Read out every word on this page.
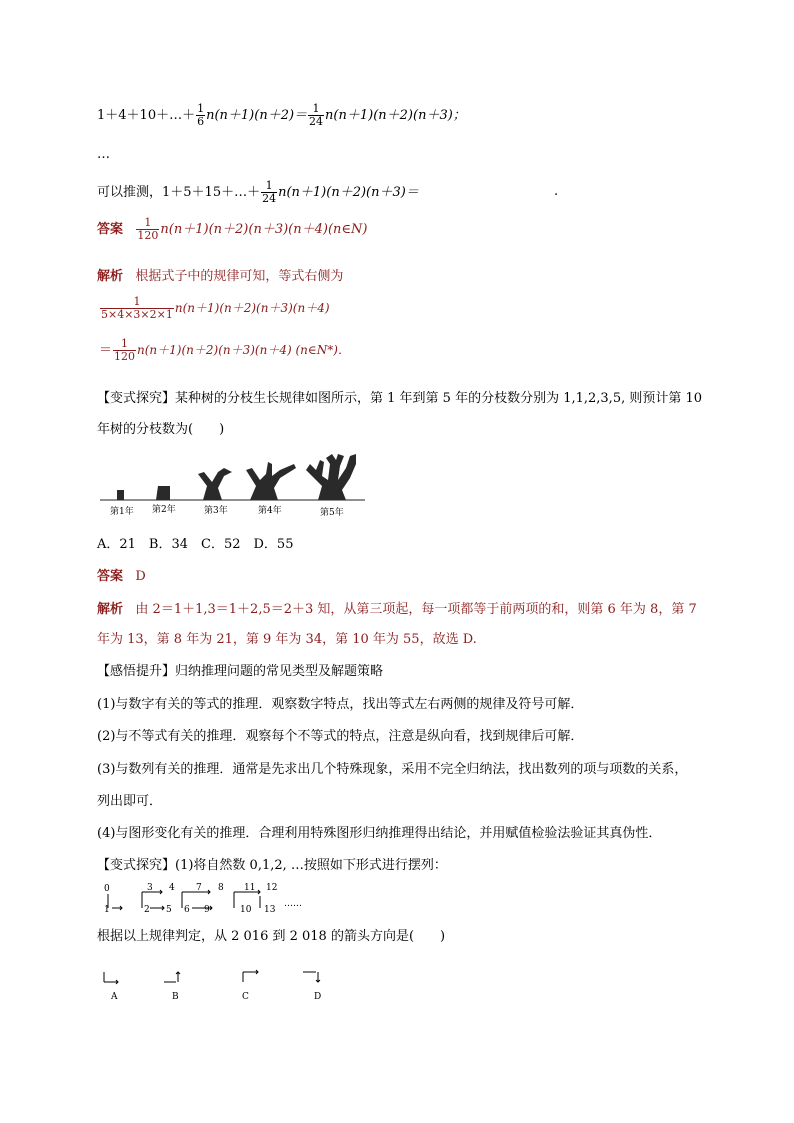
1＋4＋10＋…＋ $\frac{1}{6} n(n+1)(n+2)= \frac{1}{24} n(n+1)(n+2)(n+3)$；
…
可以推测，1＋5＋15＋…＋ $\frac{1}{24} n(n+1)(n+2)(n+3)=$	.
答案 $\frac{1}{120}$ n(n＋1)(n＋2)(n＋3)(n＋4)(n∈N)
解析 根据式子中的规律可知，等式右侧为
$\frac{1}{5\times 4\times 3\times 2\times 1} n(n+1)(n+2)(n+3)(n+4)$
＝ $\frac{1}{120} n(n+1)(n+2)(n+3)(n+4)$ (n∈N*)．
【变式探究】某种树的分枝生长规律如图所示，第 1 年到第 5 年的分枝数分别为 1,1,2,3,5, 则预计第 10
年树的分枝数为(　　)
第1年 第2年	第3年	第4年	第5年
A．21　B．34　C．52　D．55
答案 D
解析 由 2＝1＋1,3＝1＋2,5＝2＋3 知，从第三项起，每一项都等于前两项的和，则第 6 年为 8，第 7
年为 13，第 8 年为 21，第 9 年为 34，第 10 年为 55，故选 D.
【感悟提升】归纳推理问题的常见类型及解题策略
(1)与数字有关的等式的推理．观察数字特点，找出等式左右两侧的规律及符号可解．
(2)与不等式有关的推理．观察每个不等式的特点，注意是纵向看，找到规律后可解．
(3)与数列有关的推理．通常是先求出几个特殊现象，采用不完全归纳法，找出数列的项与项数的关系，
列出即可．
(4)与图形变化有关的推理．合理利用特殊图形归纳推理得出结论，并用赋值检验法验证其真伪性．
【变式探究】(1)将自然数 0,1,2, …按照如下形式进行摆列：
0
1
3 4
2 5
7 8
6 9
11 12
10 13
……
根据以上规律判定，从 2 016 到 2 018 的箭头方向是(　　)
A	B	C	D
